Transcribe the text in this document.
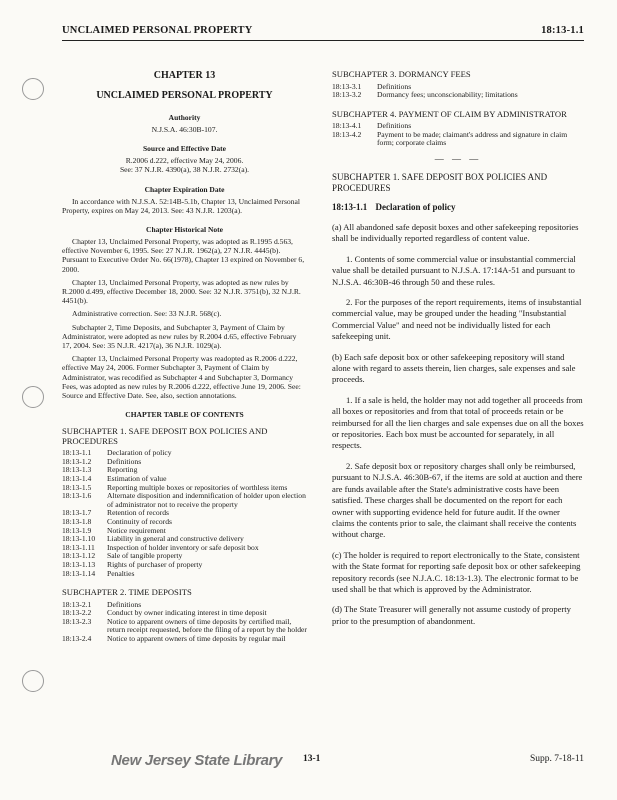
UNCLAIMED PERSONAL PROPERTY	18:13-1.1
CHAPTER 13
UNCLAIMED PERSONAL PROPERTY
Authority
N.J.S.A. 46:30B-107.
Source and Effective Date
R.2006 d.222, effective May 24, 2006.
See: 37 N.J.R. 4390(a), 38 N.J.R. 2732(a).
Chapter Expiration Date

In accordance with N.J.S.A. 52:14B-5.1b, Chapter 13, Unclaimed Personal Property, expires on May 24, 2013. See: 43 N.J.R. 1203(a).

Chapter Historical Note

Chapter 13, Unclaimed Personal Property, was adopted as R.1995 d.563, effective November 6, 1995. See: 27 N.J.R. 1962(a), 27 N.J.R. 4445(b). Pursuant to Executive Order No. 66(1978), Chapter 13 expired on November 6, 2000.

Chapter 13, Unclaimed Personal Property, was adopted as new rules by R.2000 d.499, effective December 18, 2000. See: 32 N.J.R. 3751(b), 32 N.J.R. 4451(b).

Administrative correction. See: 33 N.J.R. 568(c).

Subchapter 2, Time Deposits, and Subchapter 3, Payment of Claim by Administrator, were adopted as new rules by R.2004 d.65, effective February 17, 2004. See: 35 N.J.R. 4217(a), 36 N.J.R. 1029(a).

Chapter 13, Unclaimed Personal Property was readopted as R.2006 d.222, effective May 24, 2006. Former Subchapter 3, Payment of Claim by Administrator, was recodified as Subchapter 4 and Subchapter 3, Dormancy Fees, was adopted as new rules by R.2006 d.222, effective June 19, 2006. See: Source and Effective Date. See, also, section annotations.

CHAPTER TABLE OF CONTENTS
SUBCHAPTER 1. SAFE DEPOSIT BOX POLICIES AND PROCEDURES
18:13-1.1	Declaration of policy
18:13-1.2	Definitions
18:13-1.3	Reporting
18:13-1.4	Estimation of value
18:13-1.5	Reporting multiple boxes or repositories of worthless items
18:13-1.6	Alternate disposition and indemnification of holder upon election of administrator not to receive the property
18:13-1.7	Retention of records
18:13-1.8	Continuity of records
18:13-1.9	Notice requirement
18:13-1.10	Liability in general and constructive delivery
18:13-1.11	Inspection of holder inventory or safe deposit box
18:13-1.12	Sale of tangible property
18:13-1.13	Rights of purchaser of property
18:13-1.14	Penalties
SUBCHAPTER 2. TIME DEPOSITS
18:13-2.1	Definitions
18:13-2.2	Conduct by owner indicating interest in time deposit
18:13-2.3	Notice to apparent owners of time deposits by certified mail, return receipt requested, before the filing of a report by the holder
18:13-2.4	Notice to apparent owners of time deposits by regular mail
SUBCHAPTER 3. DORMANCY FEES
18:13-3.1	Definitions
18:13-3.2	Dormancy fees; unconscionability; limitations
SUBCHAPTER 4. PAYMENT OF CLAIM BY ADMINISTRATOR
18:13-4.1	Definitions
18:13-4.2	Payment to be made; claimant's address and signature in claim form; corporate claims
— — —
SUBCHAPTER 1. SAFE DEPOSIT BOX POLICIES AND PROCEDURES
18:13-1.1 Declaration of policy

(a) All abandoned safe deposit boxes and other safekeeping repositories shall be individually reported regardless of content value.

1. Contents of some commercial value or insubstantial commercial value shall be detailed pursuant to N.J.S.A. 17:14A-51 and pursuant to N.J.S.A. 46:30B-46 through 50 and these rules.

2. For the purposes of the report requirements, items of insubstantial commercial value, may be grouped under the heading "Insubstantial Commercial Value" and need not be individually listed for each safekeeping unit.

(b) Each safe deposit box or other safekeeping repository will stand alone with regard to assets therein, lien charges, sale expenses and sale proceeds.

1. If a sale is held, the holder may not add together all proceeds from all boxes or repositories and from that total of proceeds retain or be reimbursed for all the lien charges and sale expenses due on all the boxes or repositories. Each box must be accounted for separately, in all respects.

2. Safe deposit box or repository charges shall only be reimbursed, pursuant to N.J.S.A. 46:30B-67, if the items are sold at auction and there are funds available after the State's administrative costs have been satisfied. These charges shall be documented on the report for each owner with supporting evidence held for future audit. If the owner claims the contents prior to sale, the claimant shall receive the contents without charge.

(c) The holder is required to report electronically to the State, consistent with the State format for reporting safe deposit box or other safekeeping repository records (see N.J.A.C. 18:13-1.3). The electronic format to be used shall be that which is approved by the Administrator.

(d) The State Treasurer will generally not assume custody of property prior to the presumption of abandonment.

New Jersey State Library 13-1	Supp. 7-18-11
